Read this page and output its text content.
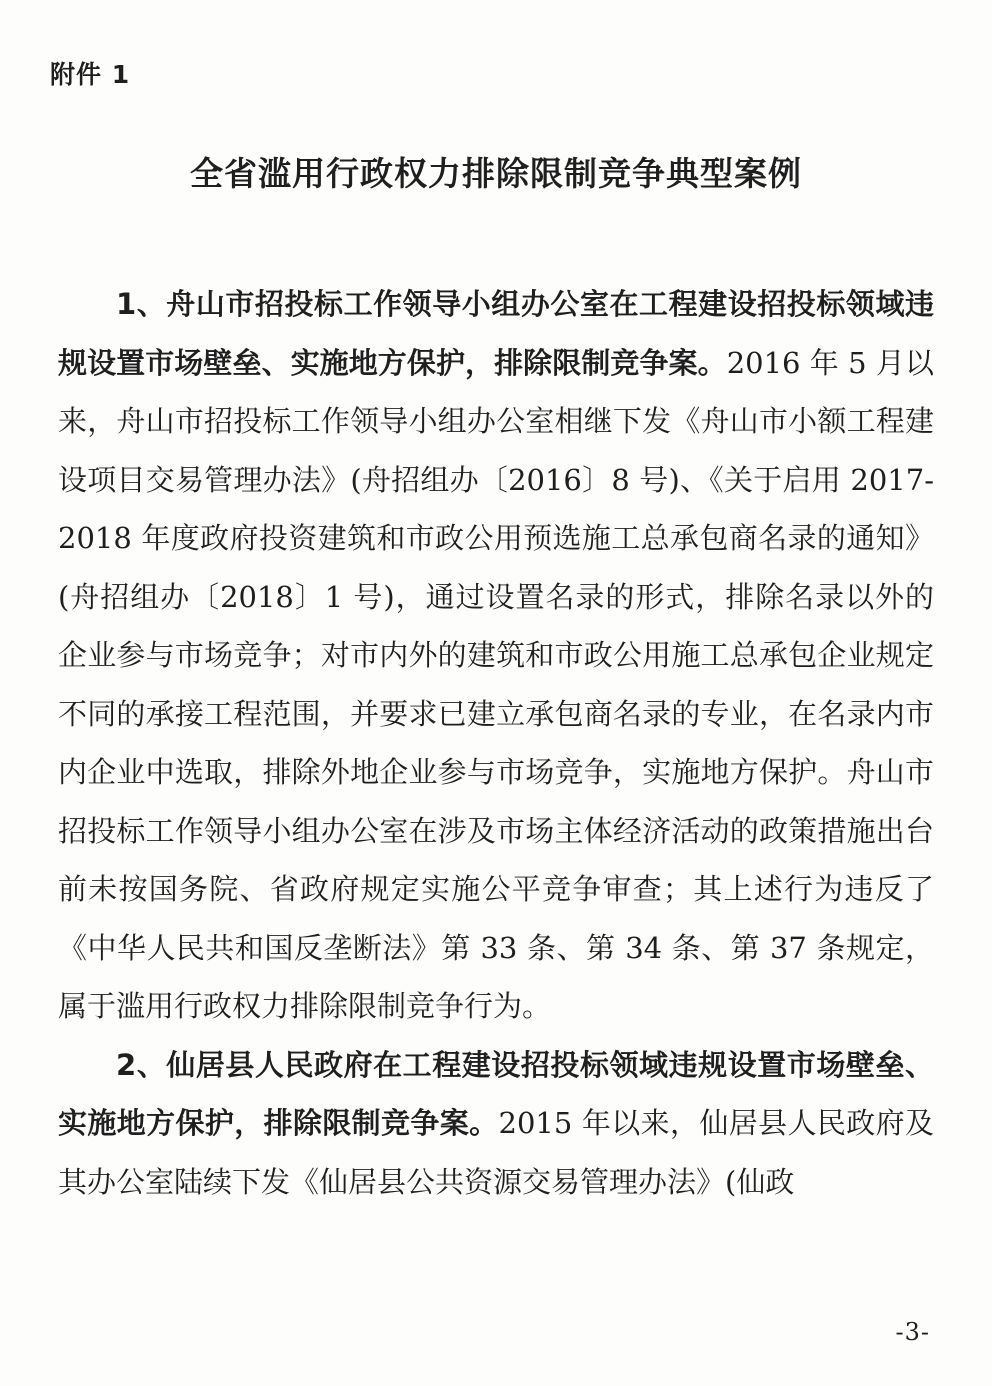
附件 1
全省滥用行政权力排除限制竞争典型案例

1、舟山市招投标工作领导小组办公室在工程建设招投标领域违规设置市场壁垒、实施地方保护，排除限制竞争案。2016 年 5 月以来，舟山市招投标工作领导小组办公室相继下发《舟山市小额工程建设项目交易管理办法》(舟招组办〔2016〕8 号)、《关于启用 2017-2018 年度政府投资建筑和市政公用预选施工总承包商名录的通知》(舟招组办〔2018〕1 号)，通过设置名录的形式，排除名录以外的企业参与市场竞争；对市内外的建筑和市政公用施工总承包企业规定不同的承接工程范围，并要求已建立承包商名录的专业，在名录内市内企业中选取，排除外地企业参与市场竞争，实施地方保护。舟山市招投标工作领导小组办公室在涉及市场主体经济活动的政策措施出台前未按国务院、省政府规定实施公平竞争审查；其上述行为违反了《中华人民共和国反垄断法》第 33 条、第 34 条、第 37 条规定，属于滥用行政权力排除限制竞争行为。

2、仙居县人民政府在工程建设招投标领域违规设置市场壁垒、实施地方保护，排除限制竞争案。2015 年以来，仙居县人民政府及其办公室陆续下发《仙居县公共资源交易管理办法》(仙政

-3-
